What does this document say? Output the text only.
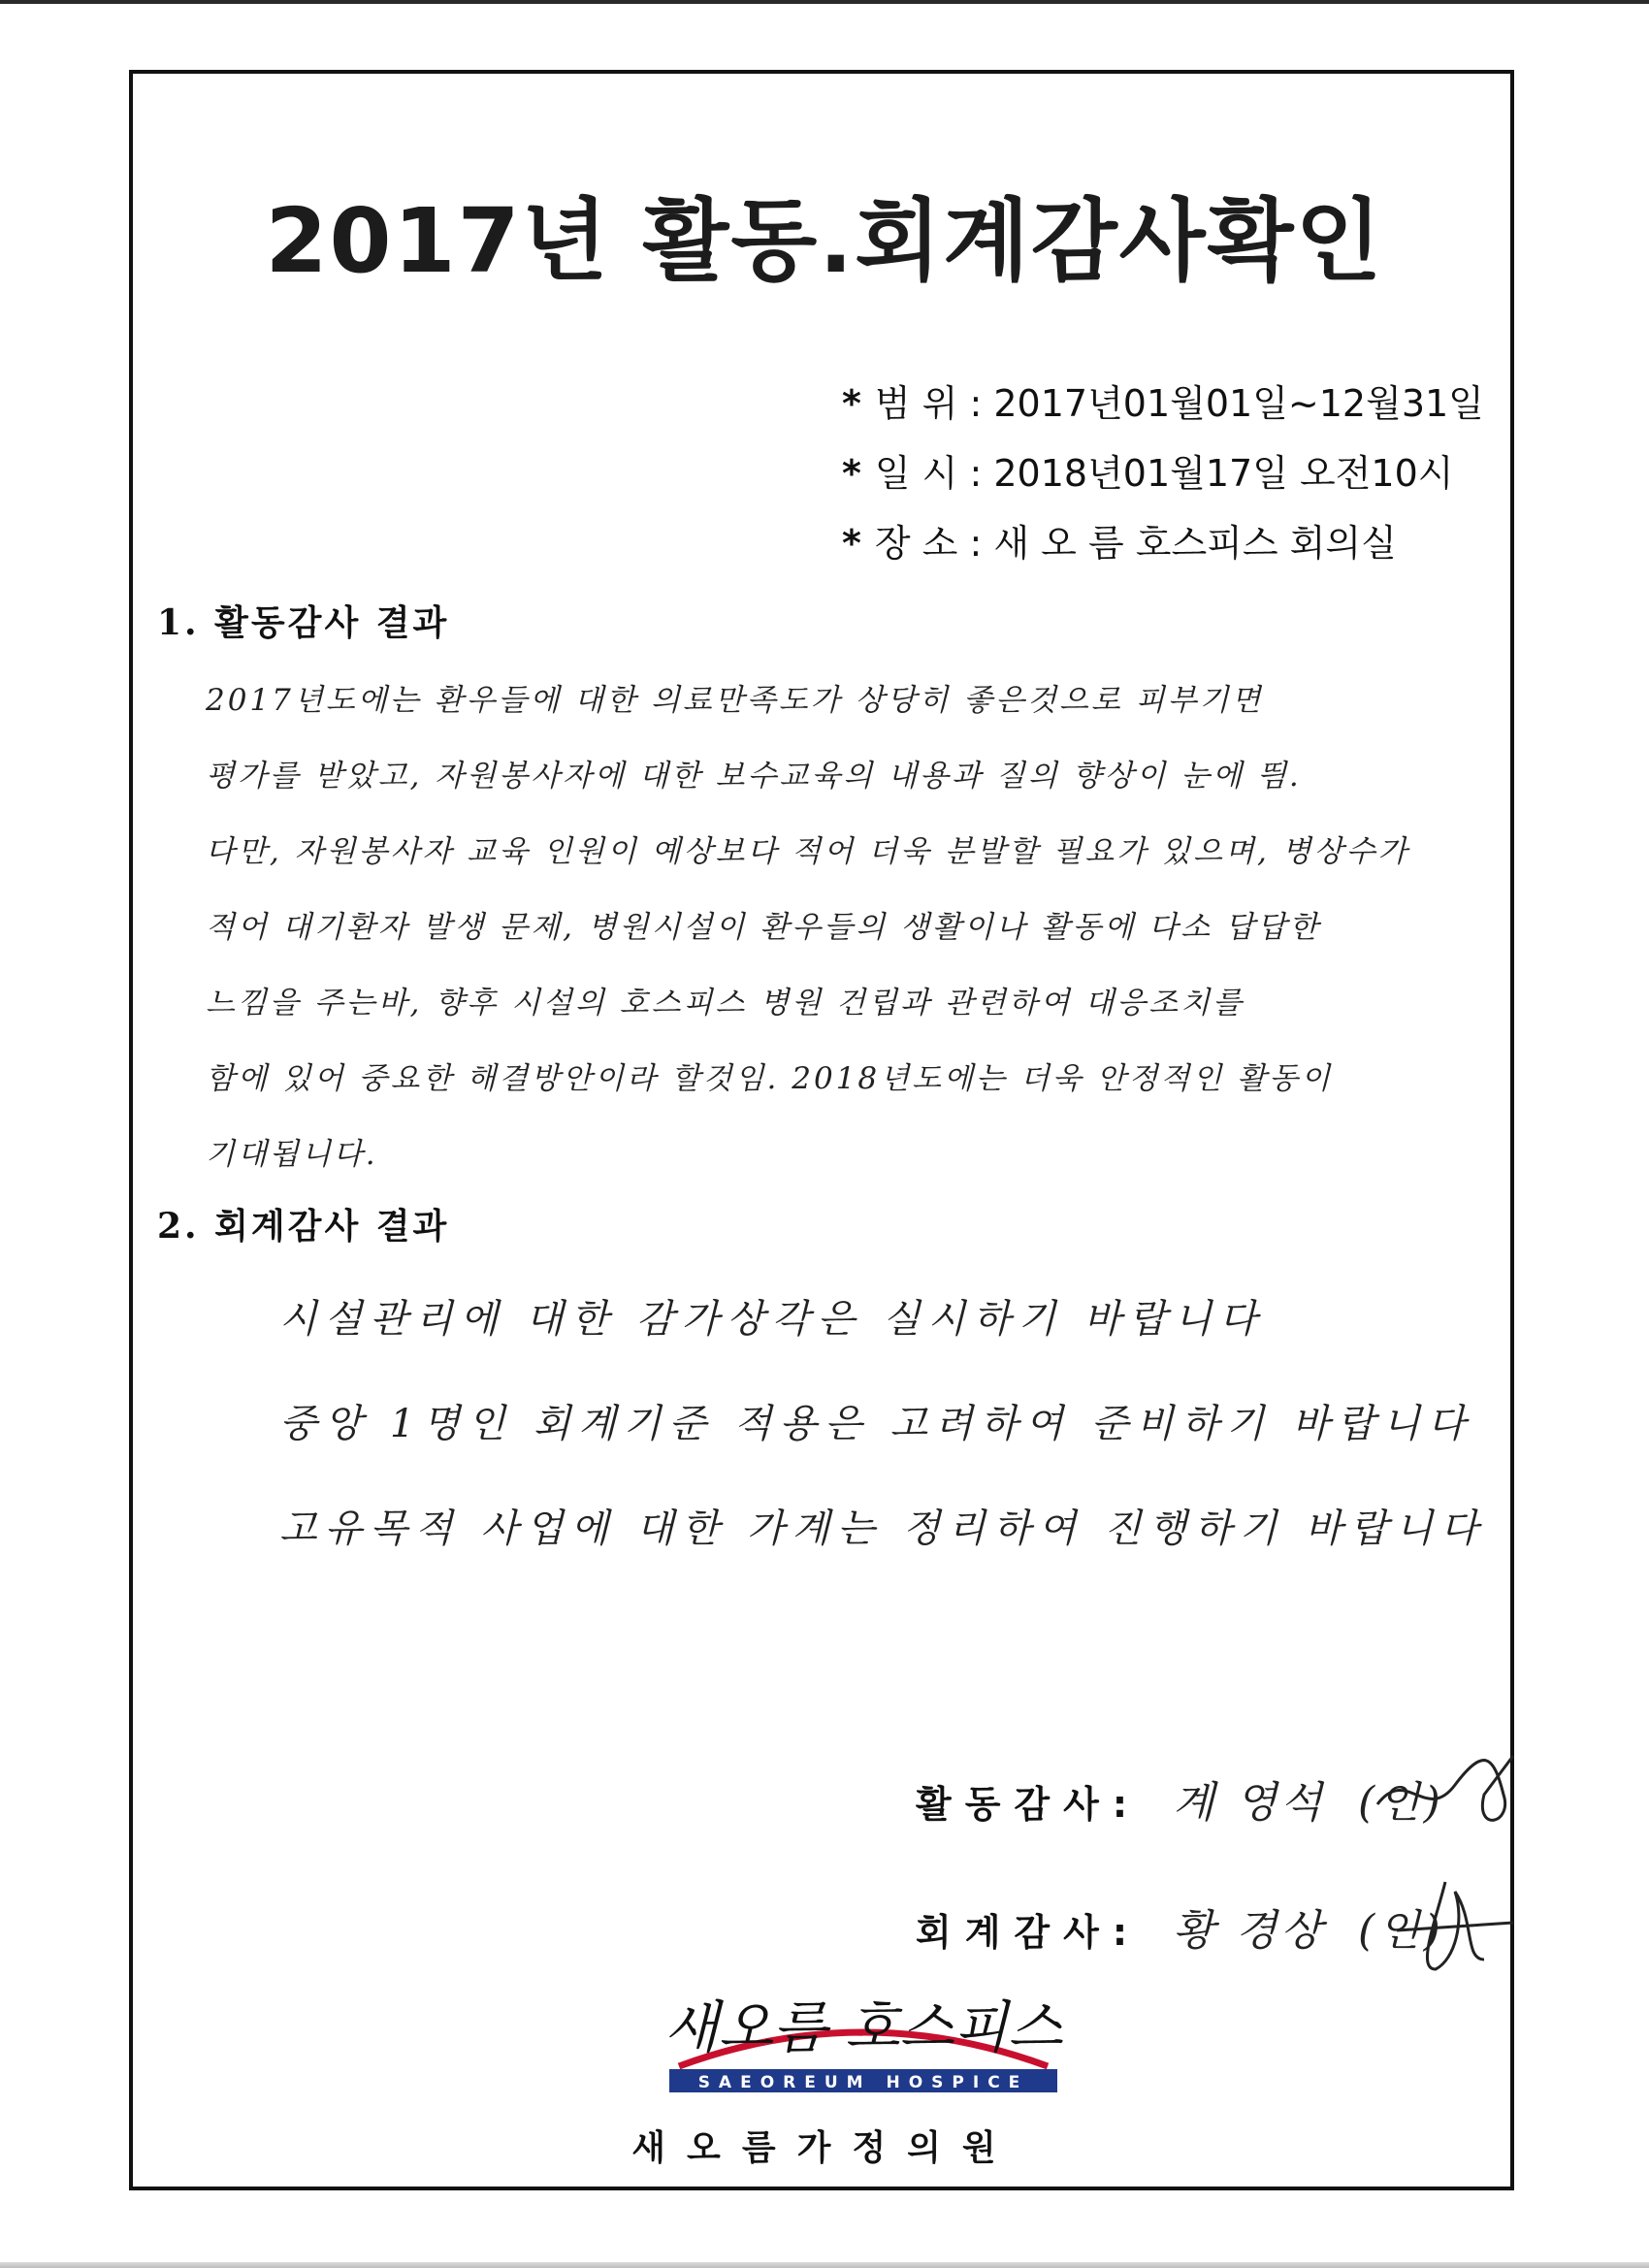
2017년 활동.회계감사확인
* 범 위 : 2017년01월01일~12월31일
* 일 시 : 2018년01월17일 오전10시
* 장 소 : 새 오 름 호스피스 회의실
1. 활동감사 결과
2017년도에는 환우들에 대한 의료만족도가 상당히 좋은것으로 피부기면
평가를 받았고, 자원봉사자에 대한 보수교육의 내용과 질의 향상이 눈에 띔.
다만, 자원봉사자 교육 인원이 예상보다 적어 더욱 분발할 필요가 있으며, 병상수가
적어 대기환자 발생 문제, 병원시설이 환우들의 생활이나 활동에 다소 답답한
느낌을 주는바, 향후 시설의 호스피스 병원 건립과 관련하여 대응조치를
함에 있어 중요한 해결방안이라 할것임. 2018년도에는 더욱 안정적인 활동이
기대됩니다.
2. 회계감사 결과
시설관리에 대한 감가상각은 실시하기 바랍니다
중앙 1명인 회계기준 적용은 고려하여 준비하기 바랍니다
고유목적 사업에 대한 가계는 정리하여 진행하기 바랍니다
활동감사: 계 영석 (인)
회계감사: 황 경상 (인)
새오름 호스피스
SAEOREUM HOSPICE
새오름가정의원
